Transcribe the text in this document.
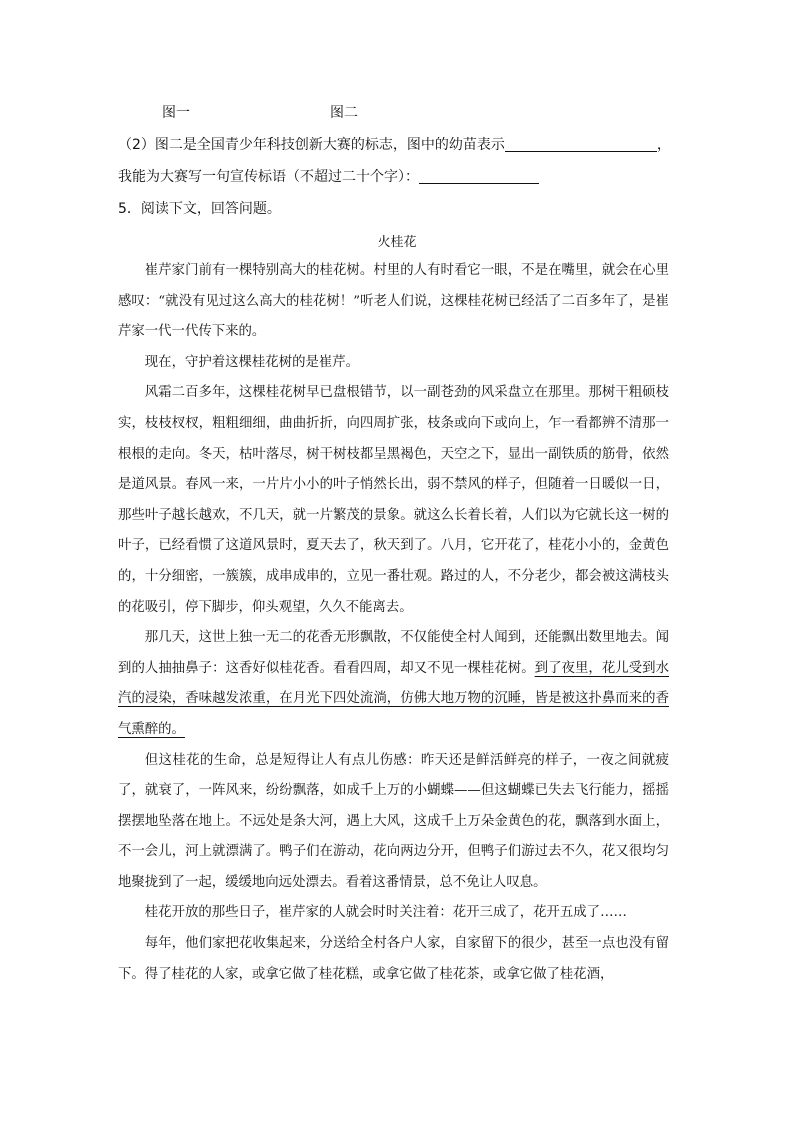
图一	图二
（2）图二是全国青少年科技创新大赛的标志，图中的幼苗表示	，
我能为大赛写一句宣传标语（不超过二十个字）：
5．阅读下文，回答问题。
火桂花

崔芹家门前有一棵特别高大的桂花树。村里的人有时看它一眼，不是在嘴里，就会在心里感叹：“就没有见过这么高大的桂花树！”听老人们说，这棵桂花树已经活了二百多年了，是崔芹家一代一代传下来的。

现在，守护着这棵桂花树的是崔芹。

风霜二百多年，这棵桂花树早已盘根错节，以一副苍劲的风采盘立在那里。那树干粗硕枝实，枝枝杈杈，粗粗细细，曲曲折折，向四周扩张，枝条或向下或向上，乍一看都辨不清那一根根的走向。冬天，枯叶落尽，树干树枝都呈黑褐色，天空之下，显出一副铁质的筋骨，依然是道风景。春风一来，一片片小小的叶子悄然长出，弱不禁风的样子，但随着一日暖似一日，那些叶子越长越欢，不几天，就一片繁茂的景象。就这么长着长着，人们以为它就长这一树的叶子，已经看惯了这道风景时，夏天去了，秋天到了。八月，它开花了，桂花小小的，金黄色的，十分细密，一簇簇，成串成串的，立见一番壮观。路过的人，不分老少，都会被这满枝头的花吸引，停下脚步，仰头观望，久久不能离去。

那几天，这世上独一无二的花香无形飘散，不仅能使全村人闻到，还能飘出数里地去。闻到的人抽抽鼻子：这香好似桂花香。看看四周，却又不见一棵桂花树。到了夜里，花儿受到水汽的浸染，香味越发浓重，在月光下四处流淌，仿佛大地万物的沉睡，皆是被这扑鼻而来的香气熏醉的。

但这桂花的生命，总是短得让人有点儿伤感：昨天还是鲜活鲜亮的样子，一夜之间就疲了，就衰了，一阵风来，纷纷飘落，如成千上万的小蝴蝶——但这蝴蝶已失去飞行能力，摇摇摆摆地坠落在地上。不远处是条大河，遇上大风，这成千上万朵金黄色的花，飘落到水面上，不一会儿，河上就漂满了。鸭子们在游动，花向两边分开，但鸭子们游过去不久，花又很均匀地聚拢到了一起，缓缓地向远处漂去。看着这番情景，总不免让人叹息。

桂花开放的那些日子，崔芹家的人就会时时关注着：花开三成了，花开五成了……

每年，他们家把花收集起来，分送给全村各户人家，自家留下的很少，甚至一点也没有留下。得了桂花的人家，或拿它做了桂花糕，或拿它做了桂花茶，或拿它做了桂花酒，
